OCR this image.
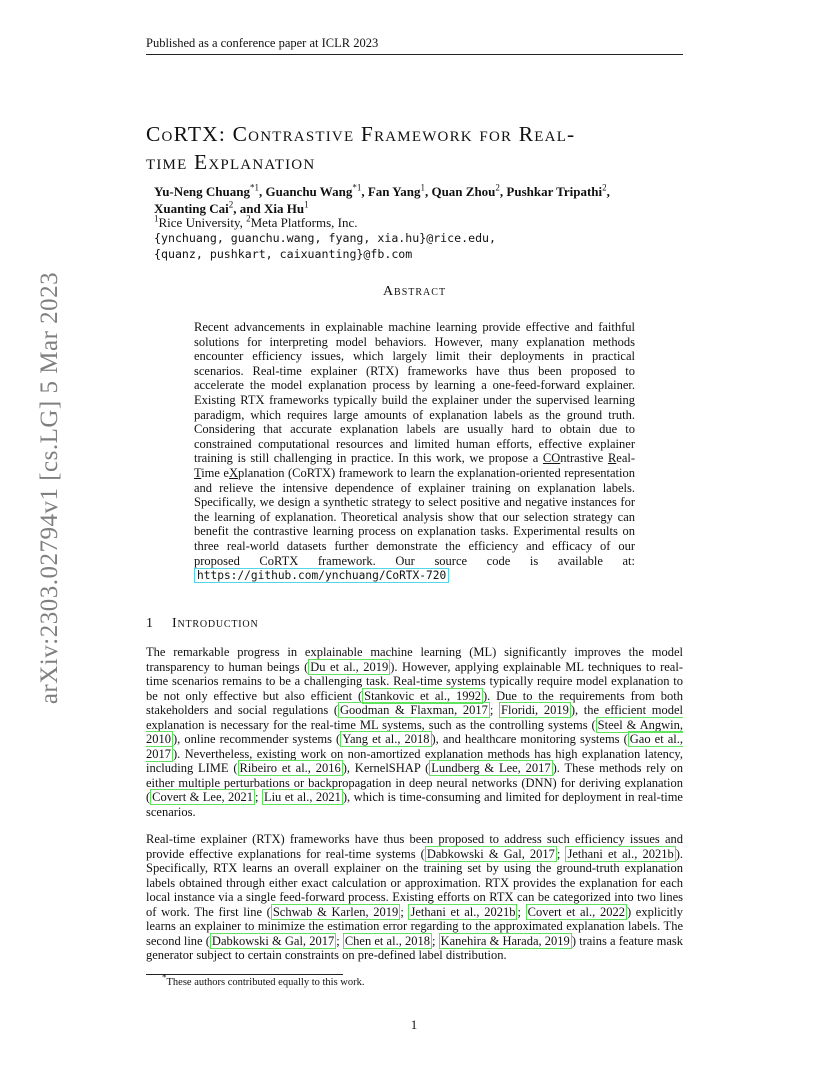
Published as a conference paper at ICLR 2023
arXiv:2303.02794v1 [cs.LG] 5 Mar 2023
CoRTX: Contrastive Framework for Real-
time Explanation
Yu-Neng Chuang$^{*1}$, Guanchu Wang$^{*1}$, Fan Yang$^1$, Quan Zhou$^2$, Pushkar Tripathi$^2$,
Xuanting Cai$^2$, and Xia Hu$^1$
$^1$Rice University, $^2$Meta Platforms, Inc.
{ynchuang, guanchu.wang, fyang, xia.hu}@rice.edu,
{quanz, pushkart, caixuanting}@fb.com
Abstract
Recent advancements in explainable machine learning provide effective and faithful solutions for interpreting model behaviors. However, many explanation methods encounter efficiency issues, which largely limit their deployments in practical scenarios. Real-time explainer (RTX) frameworks have thus been proposed to accelerate the model explanation process by learning a one-feed-forward explainer. Existing RTX frameworks typically build the explainer under the supervised learning paradigm, which requires large amounts of explanation labels as the ground truth. Considering that accurate explanation labels are usually hard to obtain due to constrained computational resources and limited human efforts, effective explainer training is still challenging in practice. In this work, we propose a COntrastive Real-Time eXplanation (CoRTX) framework to learn the explanation-oriented representation and relieve the intensive dependence of explainer training on explanation labels. Specifically, we design a synthetic strategy to select positive and negative instances for the learning of explanation. Theoretical analysis show that our selection strategy can benefit the contrastive learning process on explanation tasks. Experimental results on three real-world datasets further demonstrate the efficiency and efficacy of our proposed CoRTX framework. Our source code is available at: https://github.com/ynchuang/CoRTX-720
1 Introduction
The remarkable progress in explainable machine learning (ML) significantly improves the model transparency to human beings ( Du et al., 2019 ). However, applying explainable ML techniques to real-time scenarios remains to be a challenging task. Real-time systems typically require model explanation to be not only effective but also efficient ( Stankovic et al., 1992 ). Due to the requirements from both stakeholders and social regulations ( Goodman & Flaxman, 2017 ; Floridi, 2019 ), the efficient model explanation is necessary for the real-time ML systems, such as the controlling systems ( Steel & Angwin, 2010 ), online recommender systems ( Yang et al., 2018 ), and healthcare monitoring systems ( Gao et al., 2017 ). Nevertheless, existing work on non-amortized explanation methods has high explanation latency, including LIME ( Ribeiro et al., 2016 ), KernelSHAP ( Lundberg & Lee, 2017 ). These methods rely on either multiple perturbations or backpropagation in deep neural networks (DNN) for deriving explanation ( Covert & Lee, 2021 ; Liu et al., 2021 ), which is time-consuming and limited for deployment in real-time scenarios.
Real-time explainer (RTX) frameworks have thus been proposed to address such efficiency issues and provide effective explanations for real-time systems ( Dabkowski & Gal, 2017 ; Jethani et al., 2021b ). Specifically, RTX learns an overall explainer on the training set by using the ground-truth explanation labels obtained through either exact calculation or approximation. RTX provides the explanation for each local instance via a single feed-forward process. Existing efforts on RTX can be categorized into two lines of work. The first line ( Schwab & Karlen, 2019 ; Jethani et al., 2021b ; Covert et al., 2022 ) explicitly learns an explainer to minimize the estimation error regarding to the approximated explanation labels. The second line ( Dabkowski & Gal, 2017 ; Chen et al., 2018 ; Kanehira & Harada, 2019 ) trains a feature mask generator subject to certain constraints on pre-defined label distribution.
*These authors contributed equally to this work.
1
